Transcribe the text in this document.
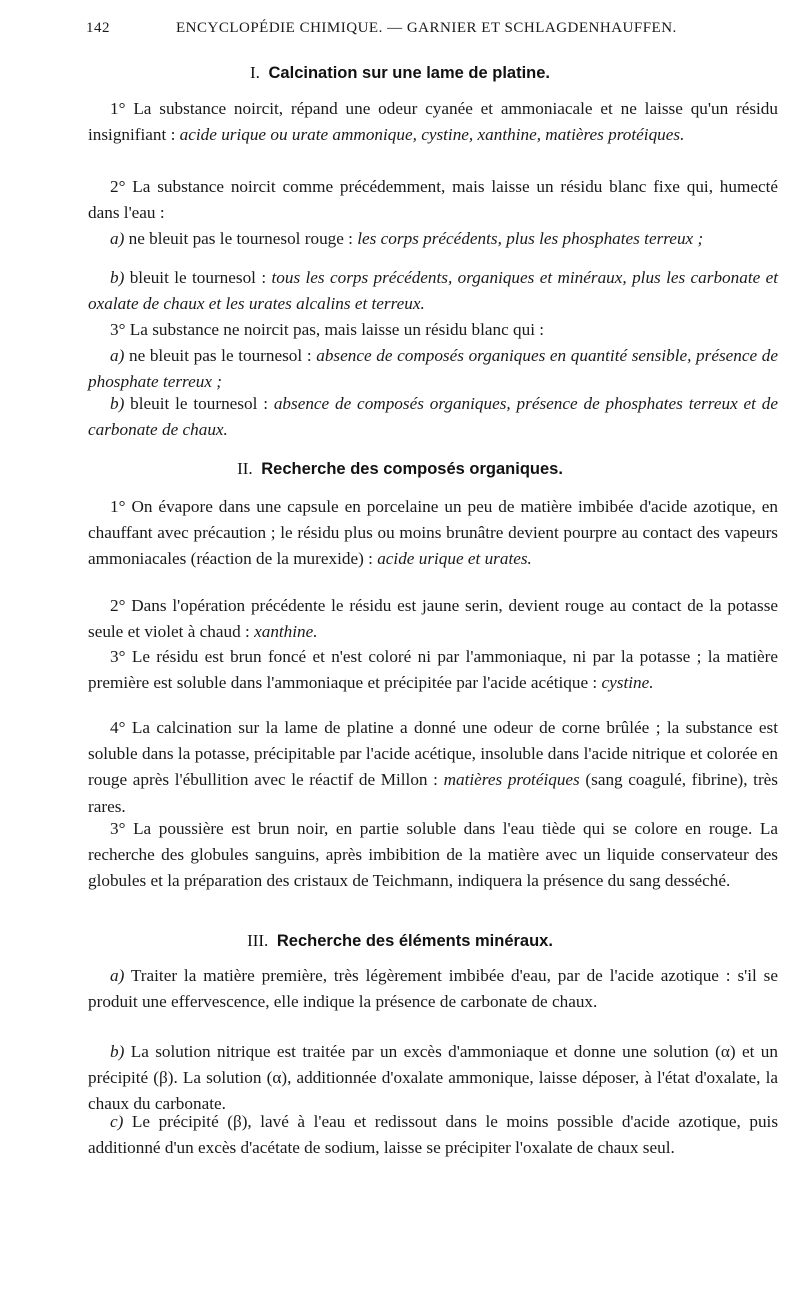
142	ENCYCLOPÉDIE CHIMIQUE. — GARNIER ET SCHLAGDENHAUFFEN.
I. Calcination sur une lame de platine.

1° La substance noircit, répand une odeur cyanée et ammoniacale et ne laisse qu'un résidu insignifiant : acide urique ou urate ammonique, cystine, xanthine, matières protéiques.

2° La substance noircit comme précédemment, mais laisse un résidu blanc fixe qui, humecté dans l'eau :

a) ne bleuit pas le tournesol rouge : les corps précédents, plus les phosphates terreux ;

b) bleuit le tournesol : tous les corps précédents, organiques et minéraux, plus les carbonate et oxalate de chaux et les urates alcalins et terreux.

3° La substance ne noircit pas, mais laisse un résidu blanc qui :

a) ne bleuit pas le tournesol : absence de composés organiques en quantité sensible, présence de phosphate terreux ;

b) bleuit le tournesol : absence de composés organiques, présence de phosphates terreux et de carbonate de chaux.

II. Recherche des composés organiques.

1° On évapore dans une capsule en porcelaine un peu de matière imbibée d'acide azotique, en chauffant avec précaution ; le résidu plus ou moins brunâtre devient pourpre au contact des vapeurs ammoniacales (réaction de la murexide) : acide urique et urates.

2° Dans l'opération précédente le résidu est jaune serin, devient rouge au contact de la potasse seule et violet à chaud : xanthine.

3° Le résidu est brun foncé et n'est coloré ni par l'ammoniaque, ni par la potasse ; la matière première est soluble dans l'ammoniaque et précipitée par l'acide acétique : cystine.

4° La calcination sur la lame de platine a donné une odeur de corne brûlée ; la substance est soluble dans la potasse, précipitable par l'acide acétique, insoluble dans l'acide nitrique et colorée en rouge après l'ébullition avec le réactif de Millon : matières protéiques (sang coagulé, fibrine), très rares.

3° La poussière est brun noir, en partie soluble dans l'eau tiède qui se colore en rouge. La recherche des globules sanguins, après imbibition de la matière avec un liquide conservateur des globules et la préparation des cristaux de Teichmann, indiquera la présence du sang desséché.

III. Recherche des éléments minéraux.

a) Traiter la matière première, très légèrement imbibée d'eau, par de l'acide azotique : s'il se produit une effervescence, elle indique la présence de carbonate de chaux.

b) La solution nitrique est traitée par un excès d'ammoniaque et donne une solution (α) et un précipité (β). La solution (α), additionnée d'oxalate ammonique, laisse déposer, à l'état d'oxalate, la chaux du carbonate.

c) Le précipité (β), lavé à l'eau et redissout dans le moins possible d'acide azotique, puis additionné d'un excès d'acétate de sodium, laisse se précipiter l'oxalate de chaux seul.
